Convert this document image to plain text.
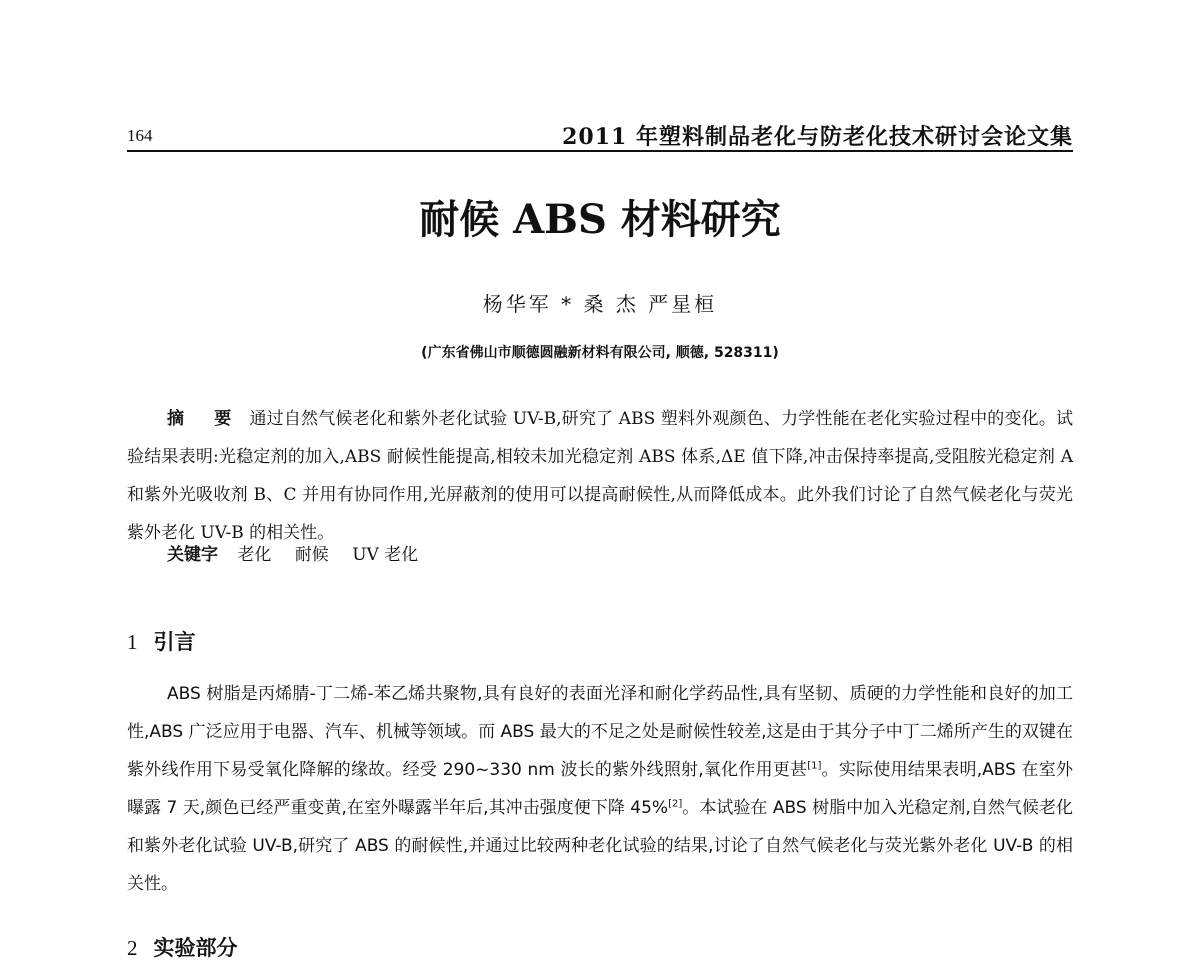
164	2011 年塑料制品老化与防老化技术研讨会论文集
耐候 ABS 材料研究
杨华军 * 桑 杰 严星桓
(广东省佛山市顺德圆融新材料有限公司, 顺德, 528311)

摘 要 通过自然气候老化和紫外老化试验 UV-B,研究了 ABS 塑料外观颜色、力学性能在老化实验过程中的变化。试验结果表明:光稳定剂的加入,ABS 耐候性能提高,相较未加光稳定剂 ABS 体系,ΔE 值下降,冲击保持率提高,受阻胺光稳定剂 A 和紫外光吸收剂 B、C 并用有协同作用,光屏蔽剂的使用可以提高耐候性,从而降低成本。此外我们讨论了自然气候老化与荧光紫外老化 UV-B 的相关性。

关键字 老化 耐候 UV 老化
1 引言

ABS 树脂是丙烯腈-丁二烯-苯乙烯共聚物,具有良好的表面光泽和耐化学药品性,具有坚韧、质硬的力学性能和良好的加工性,ABS 广泛应用于电器、汽车、机械等领域。而 ABS 最大的不足之处是耐候性较差,这是由于其分子中丁二烯所产生的双键在紫外线作用下易受氧化降解的缘故。经受 290~330 nm 波长的紫外线照射,氧化作用更甚[1]。实际使用结果表明,ABS 在室外曝露 7 天,颜色已经严重变黄,在室外曝露半年后,其冲击强度便下降 45%[2]。本试验在 ABS 树脂中加入光稳定剂,自然气候老化和紫外老化试验 UV-B,研究了 ABS 的耐候性,并通过比较两种老化试验的结果,讨论了自然气候老化与荧光紫外老化 UV-B 的相关性。

2 实验部分
